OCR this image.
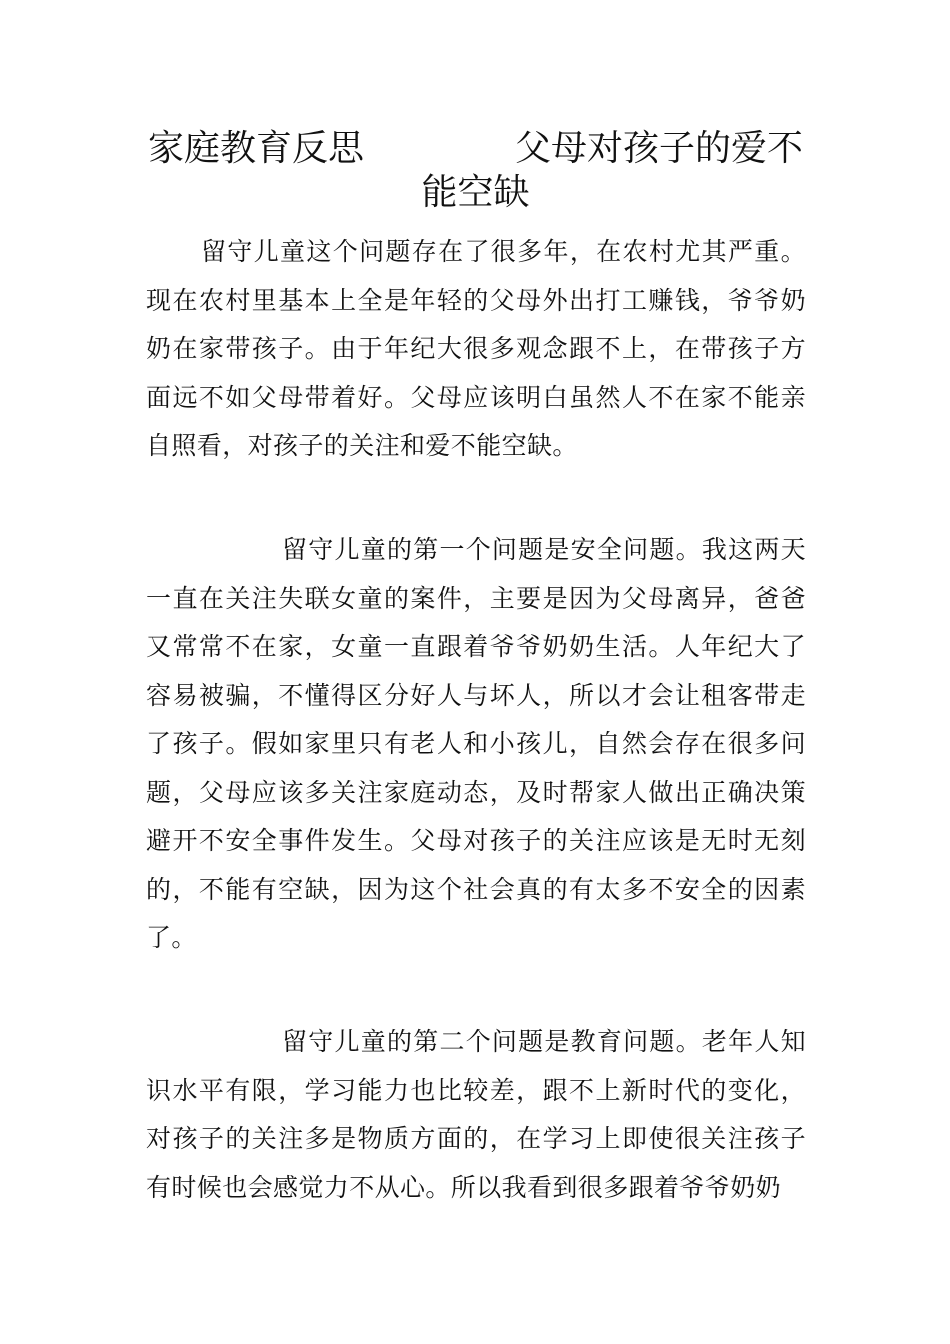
家庭教育反思	父母对孩子的爱不
能空缺

留守儿童这个问题存在了很多年，在农村尤其严重。现在农村里基本上全是年轻的父母外出打工赚钱，爷爷奶奶在家带孩子。由于年纪大很多观念跟不上，在带孩子方面远不如父母带着好。父母应该明白虽然人不在家不能亲自照看，对孩子的关注和爱不能空缺。

留守儿童的第一个问题是安全问题。我这两天一直在关注失联女童的案件，主要是因为父母离异，爸爸又常常不在家，女童一直跟着爷爷奶奶生活。人年纪大了容易被骗，不懂得区分好人与坏人，所以才会让租客带走了孩子。假如家里只有老人和小孩儿，自然会存在很多问题，父母应该多关注家庭动态，及时帮家人做出正确决策避开不安全事件发生。父母对孩子的关注应该是无时无刻的，不能有空缺，因为这个社会真的有太多不安全的因素了。

留守儿童的第二个问题是教育问题。老年人知识水平有限，学习能力也比较差，跟不上新时代的变化，对孩子的关注多是物质方面的，在学习上即使很关注孩子有时候也会感觉力不从心。所以我看到很多跟着爷爷奶奶
